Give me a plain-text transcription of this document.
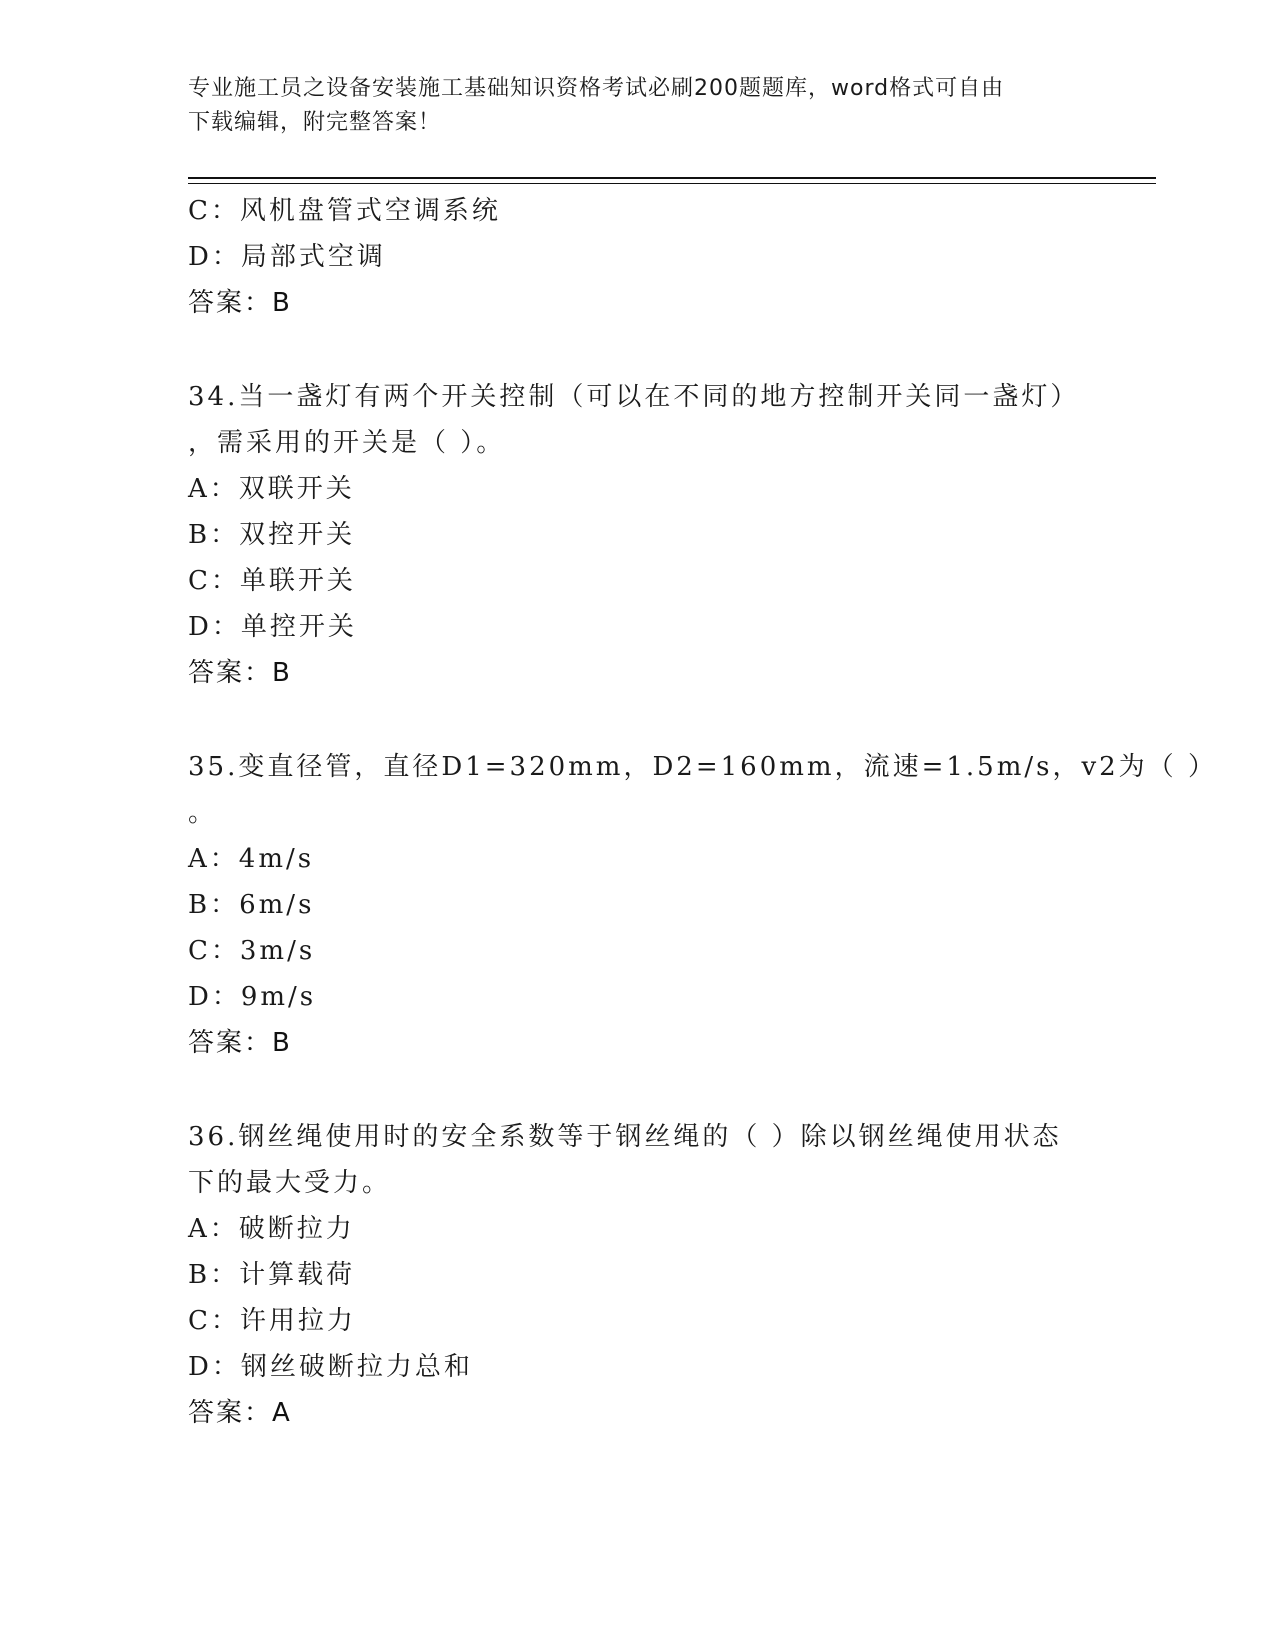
专业施工员之设备安装施工基础知识资格考试必刷200题题库，word格式可自由
下载编辑，附完整答案！
C：风机盘管式空调系统
D：局部式空调
答案：B
34.当一盏灯有两个开关控制（可以在不同的地方控制开关同一盏灯）
，需采用的开关是（ ）。
A：双联开关
B：双控开关
C：单联开关
D：单控开关
答案：B
35.变直径管，直径D1=320mm，D2=160mm，流速=1.5m/s，v2为（ ）
。
A：4m/s
B：6m/s
C：3m/s
D：9m/s
答案：B
36.钢丝绳使用时的安全系数等于钢丝绳的（ ）除以钢丝绳使用状态
下的最大受力。
A：破断拉力
B：计算载荷
C：许用拉力
D：钢丝破断拉力总和
答案：A
